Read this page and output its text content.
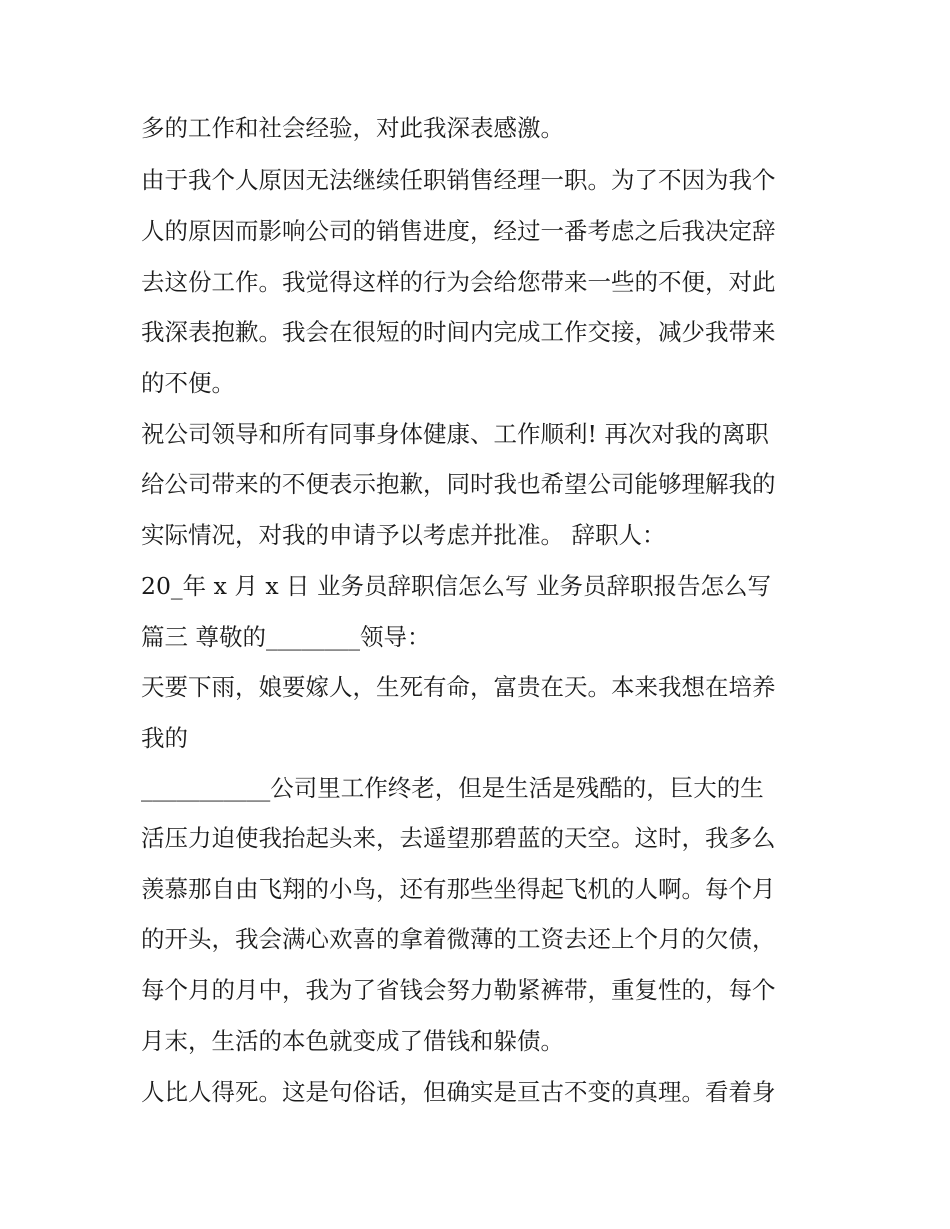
多的工作和社会经验，对此我深表感激。
由于我个人原因无法继续任职销售经理一职。为了不因为我个
人的原因而影响公司的销售进度，经过一番考虑之后我决定辞
去这份工作。我觉得这样的行为会给您带来一些的不便，对此
我深表抱歉。我会在很短的时间内完成工作交接，减少我带来
的不便。
祝公司领导和所有同事身体健康、工作顺利! 再次对我的离职
给公司带来的不便表示抱歉，同时我也希望公司能够理解我的
实际情况，对我的申请予以考虑并批准。 辞职人：
20_年 x 月 x 日 业务员辞职信怎么写 业务员辞职报告怎么写
篇三 尊敬的________领导：
天要下雨，娘要嫁人，生死有命，富贵在天。本来我想在培养
我的
___________公司里工作终老，但是生活是残酷的，巨大的生
活压力迫使我抬起头来，去遥望那碧蓝的天空。这时，我多么
羡慕那自由飞翔的小鸟，还有那些坐得起飞机的人啊。每个月
的开头，我会满心欢喜的拿着微薄的工资去还上个月的欠债，
每个月的月中，我为了省钱会努力勒紧裤带，重复性的，每个
月末，生活的本色就变成了借钱和躲债。
人比人得死。这是句俗话，但确实是亘古不变的真理。看着身
